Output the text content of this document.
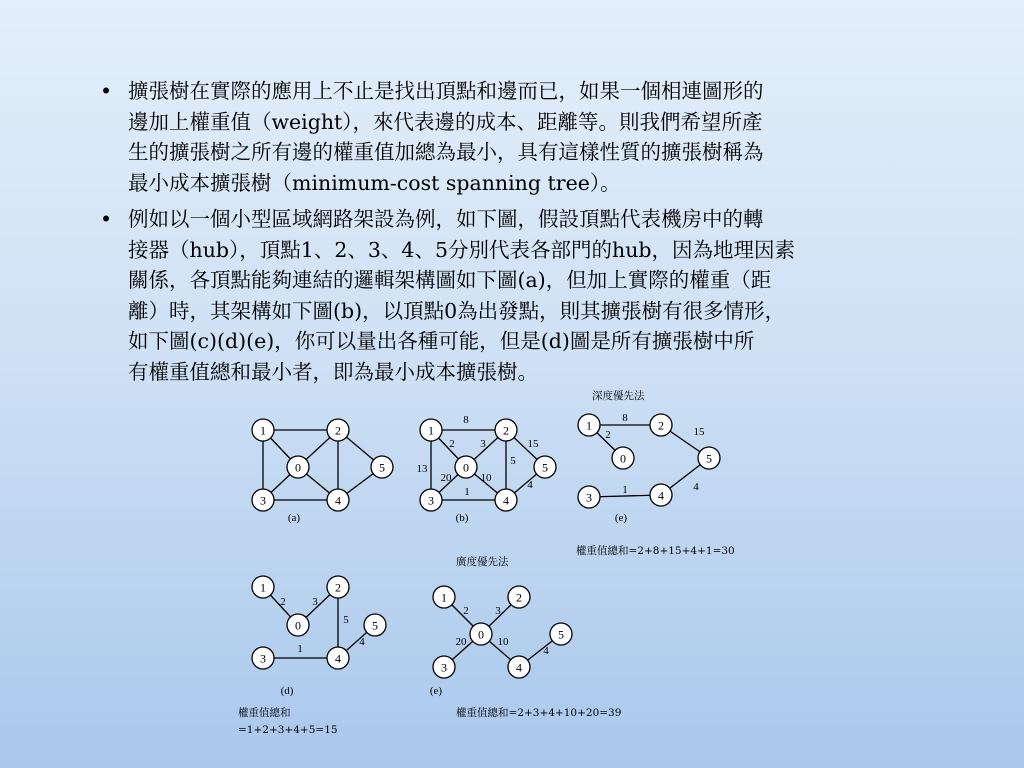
• 擴張樹在實際的應用上不止是找出頂點和邊而已，如果一個相連圖形的
邊加上權重值（weight），來代表邊的成本、距離等。則我們希望所產
生的擴張樹之所有邊的權重值加總為最小，具有這樣性質的擴張樹稱為
最小成本擴張樹（minimum-cost spanning tree）。
• 例如以一個小型區域網路架設為例，如下圖，假設頂點代表機房中的轉
接器（hub），頂點1、2、3、4、5分別代表各部門的hub，因為地理因素
關係，各頂點能夠連結的邏輯架構圖如下圖(a)，但加上實際的權重（距
離）時，其架構如下圖(b)，以頂點0為出發點，則其擴張樹有很多情形，
如下圖(c)(d)(e)，你可以量出各種可能，但是(d)圖是所有擴張樹中所
有權重值總和最小者，即為最小成本擴張樹。
深度優先法
權重值總和=2+8+15+4+1=30
廣度優先法
權重值總和=2+3+4+10+20=39
權重值總和
=1+2+3+4+5=15
1	2
0	5
3	4
(a)
1	2
0	5
3	4
8
2
13
3
5
15
20	10
1
4
(b)
1	2
0	5
3	4
8
2	15
4
1
(e)
1	2
0	5
3	4
2 3
5
4
1
(d)
1	2
0	5
3	4
2 3
20	10
4
(e)
